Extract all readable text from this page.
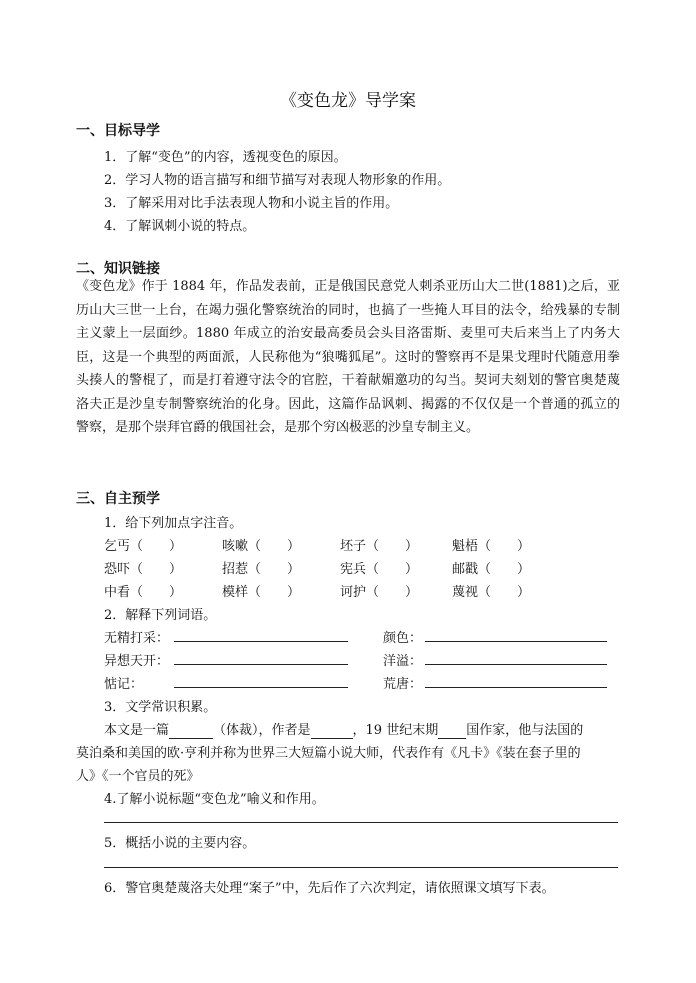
《变色龙》导学案
一、目标导学
1．了解“变色”的内容，透视变色的原因。
2．学习人物的语言描写和细节描写对表现人物形象的作用。
3．了解采用对比手法表现人物和小说主旨的作用。
4．了解讽刺小说的特点。
二、知识链接
《变色龙》作于 1884 年，作品发表前，正是俄国民意党人刺杀亚历山大二世(1881)之后，亚历山大三世一上台，在竭力强化警察统治的同时，也搞了一些掩人耳目的法令，给残暴的专制主义蒙上一层面纱。1880 年成立的治安最高委员会头目洛雷斯、麦里可夫后来当上了内务大臣，这是一个典型的两面派，人民称他为“狼嘴狐尾”。这时的警察再不是果戈理时代随意用拳头揍人的警棍了，而是打着遵守法令的官腔，干着献媚邀功的勾当。契诃夫刻划的警官奥楚蔑洛夫正是沙皇专制警察统治的化身。因此，这篇作品讽刺、揭露的不仅仅是一个普通的孤立的警察，是那个崇拜官爵的俄国社会，是那个穷凶极恶的沙皇专制主义。
三、自主预学
1．给下列加点字注音。
乞丐（　　）	咳嗽（　　）	坯子（　　）	魁梧（　　）
恐吓（　　）	招惹（　　）	宪兵（　　）	邮戳（　　）
中看（　　）	模样（　　）	诃护（　　）	蔑视（　　）
2．解释下列词语。
无精打采：	颜色：
异想天开：	洋溢：
惦记：	荒唐：
3．文学常识积累。
本文是一篇	（体裁），作者是	，19 世纪末期 国作家，他与法国的
莫泊桑和美国的欧·亨利并称为世界三大短篇小说大师，代表作有《凡卡》《装在套子里的
人》《一个官员的死》
4.了解小说标题“变色龙”喻义和作用。
5．概括小说的主要内容。
6．警官奥楚蔑洛夫处理“案子”中，先后作了六次判定，请依照课文填写下表。
